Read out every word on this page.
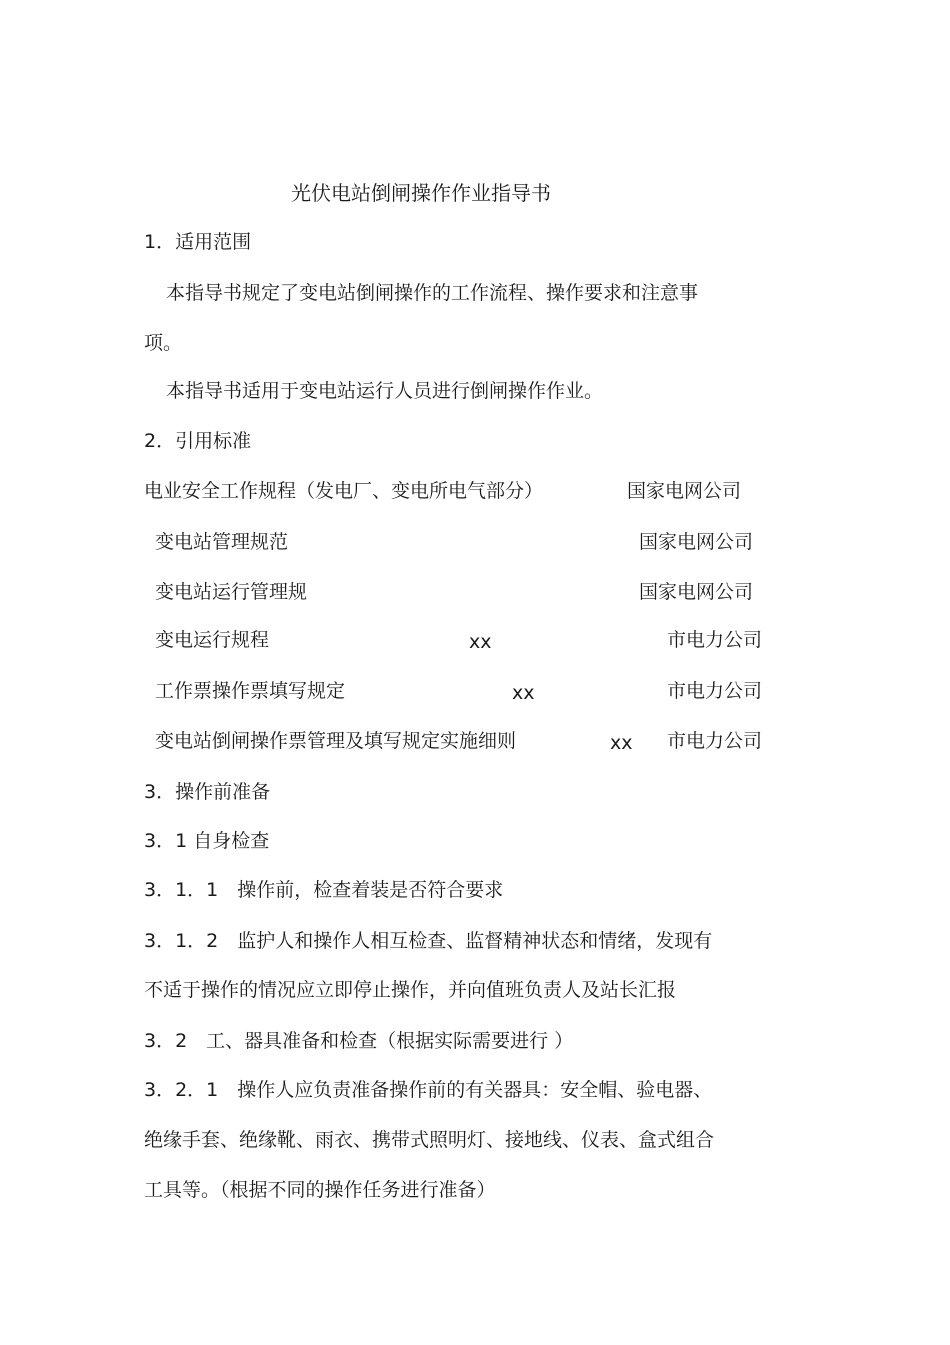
光伏电站倒闸操作作业指导书
1．适用范围
本指导书规定了变电站倒闸操作的工作流程、操作要求和注意事
项。
本指导书适用于变电站运行人员进行倒闸操作作业。
2．引用标准
电业安全工作规程（发电厂、变电所电气部分）	国家电网公司
变电站管理规范	国家电网公司
变电站运行管理规	国家电网公司
变电运行规程	xx	市电力公司
工作票操作票填写规定	xx	市电力公司
变电站倒闸操作票管理及填写规定实施细则	xx 市电力公司
3．操作前准备
3．1 自身检查
3．1．1　操作前，检查着装是否符合要求
3．1．2　监护人和操作人相互检查、监督精神状态和情绪，发现有
不适于操作的情况应立即停止操作，并向值班负责人及站长汇报
3．2　工、器具准备和检查（根据实际需要进行 ）
3．2．1　操作人应负责准备操作前的有关器具：安全帽、验电器、
绝缘手套、绝缘靴、雨衣、携带式照明灯、接地线、仪表、盒式组合
工具等。（根据不同的操作任务进行准备）
